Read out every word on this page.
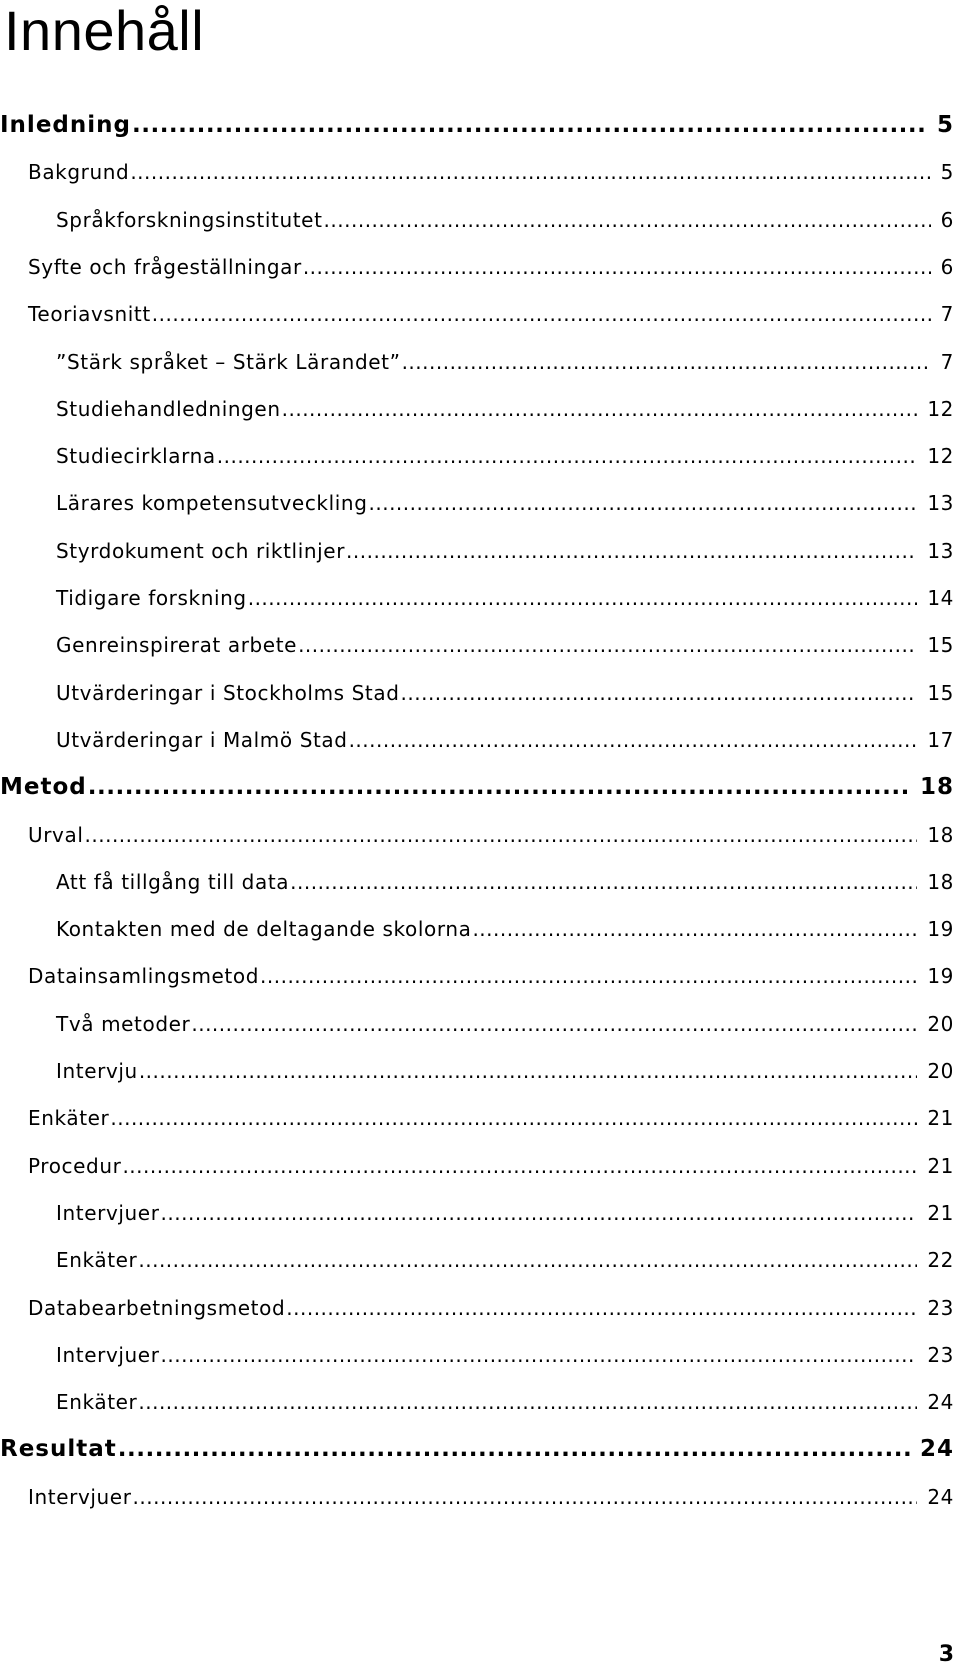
Innehåll
Inledning .....	5
Bakgrund .....	5
Språkforskningsinstitutet .....	6
Syfte och frågeställningar .....	6
Teoriavsnitt .....	7
”Stärk språket – Stärk Lärandet” .....	7
Studiehandledningen .....	12
Studiecirklarna .....	12
Lärares kompetensutveckling .....	13
Styrdokument och riktlinjer .....	13
Tidigare forskning .....	14
Genreinspirerat arbete .....	15
Utvärderingar i Stockholms Stad .....	15
Utvärderingar i Malmö Stad .....	17
Metod .....	18
Urval .....	18
Att få tillgång till data .....	18
Kontakten med de deltagande skolorna .....	19
Datainsamlingsmetod .....	19
Två metoder .....	20
Intervju .....	20
Enkäter .....	21
Procedur .....	21
Intervjuer .....	21
Enkäter .....	22
Databearbetningsmetod .....	23
Intervjuer .....	23
Enkäter .....	24
Resultat .....	24
Intervjuer .....	24
3
